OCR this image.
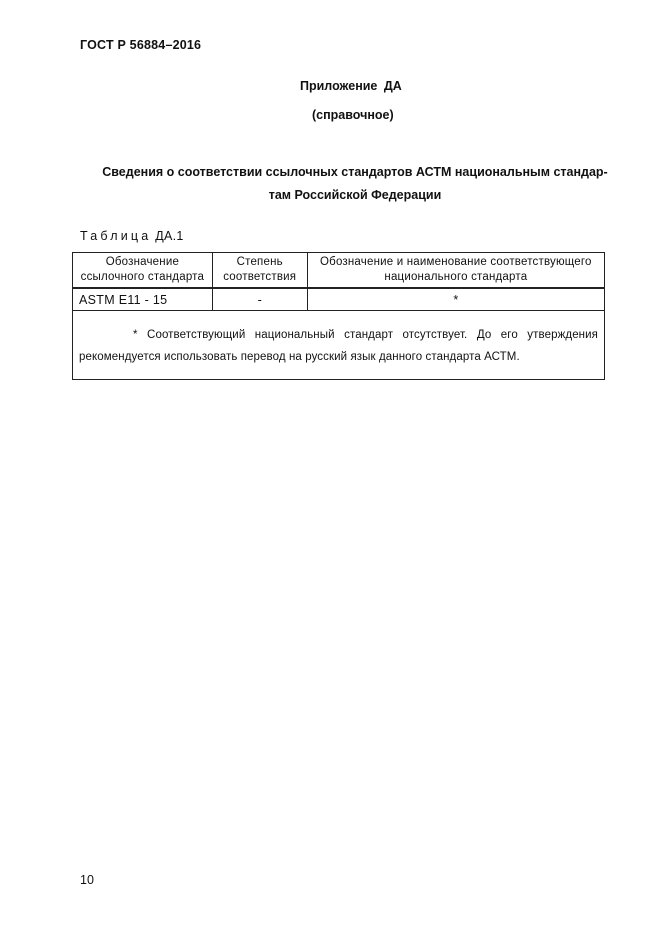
ГОСТ Р 56884–2016
Приложение ДА
(справочное)
Сведения о соответствии ссылочных стандартов АСТМ национальным стандар-
там Российской Федерации
Таблица ДА.1
Обозначение ссылочного стандарта	Степень соответствия	Обозначение и наименование соответствующего национального стандарта
ASTM E11 - 15	-	*
* Соответствующий национальный стандарт отсутствует. До его утверждения рекомендуется использовать перевод на русский язык данного стандарта АСТМ.		
10
